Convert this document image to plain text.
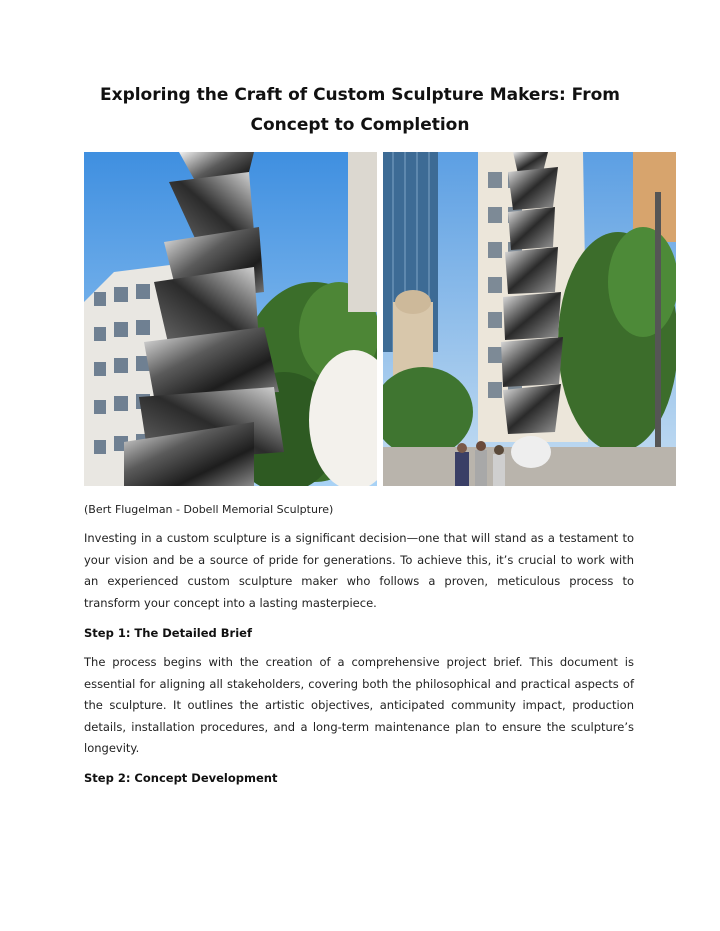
Exploring the Craft of Custom Sculpture Makers: From Concept to Completion
(Bert Flugelman - Dobell Memorial Sculpture)

Investing in a custom sculpture is a significant decision—one that will stand as a testament to your vision and be a source of pride for generations. To achieve this, it’s crucial to work with an experienced custom sculpture maker who follows a proven, meticulous process to transform your concept into a lasting masterpiece.

Step 1: The Detailed Brief

The process begins with the creation of a comprehensive project brief. This document is essential for aligning all stakeholders, covering both the philosophical and practical aspects of the sculpture. It outlines the artistic objectives, anticipated community impact, production details, installation procedures, and a long-term maintenance plan to ensure the sculpture’s longevity.

Step 2: Concept Development
